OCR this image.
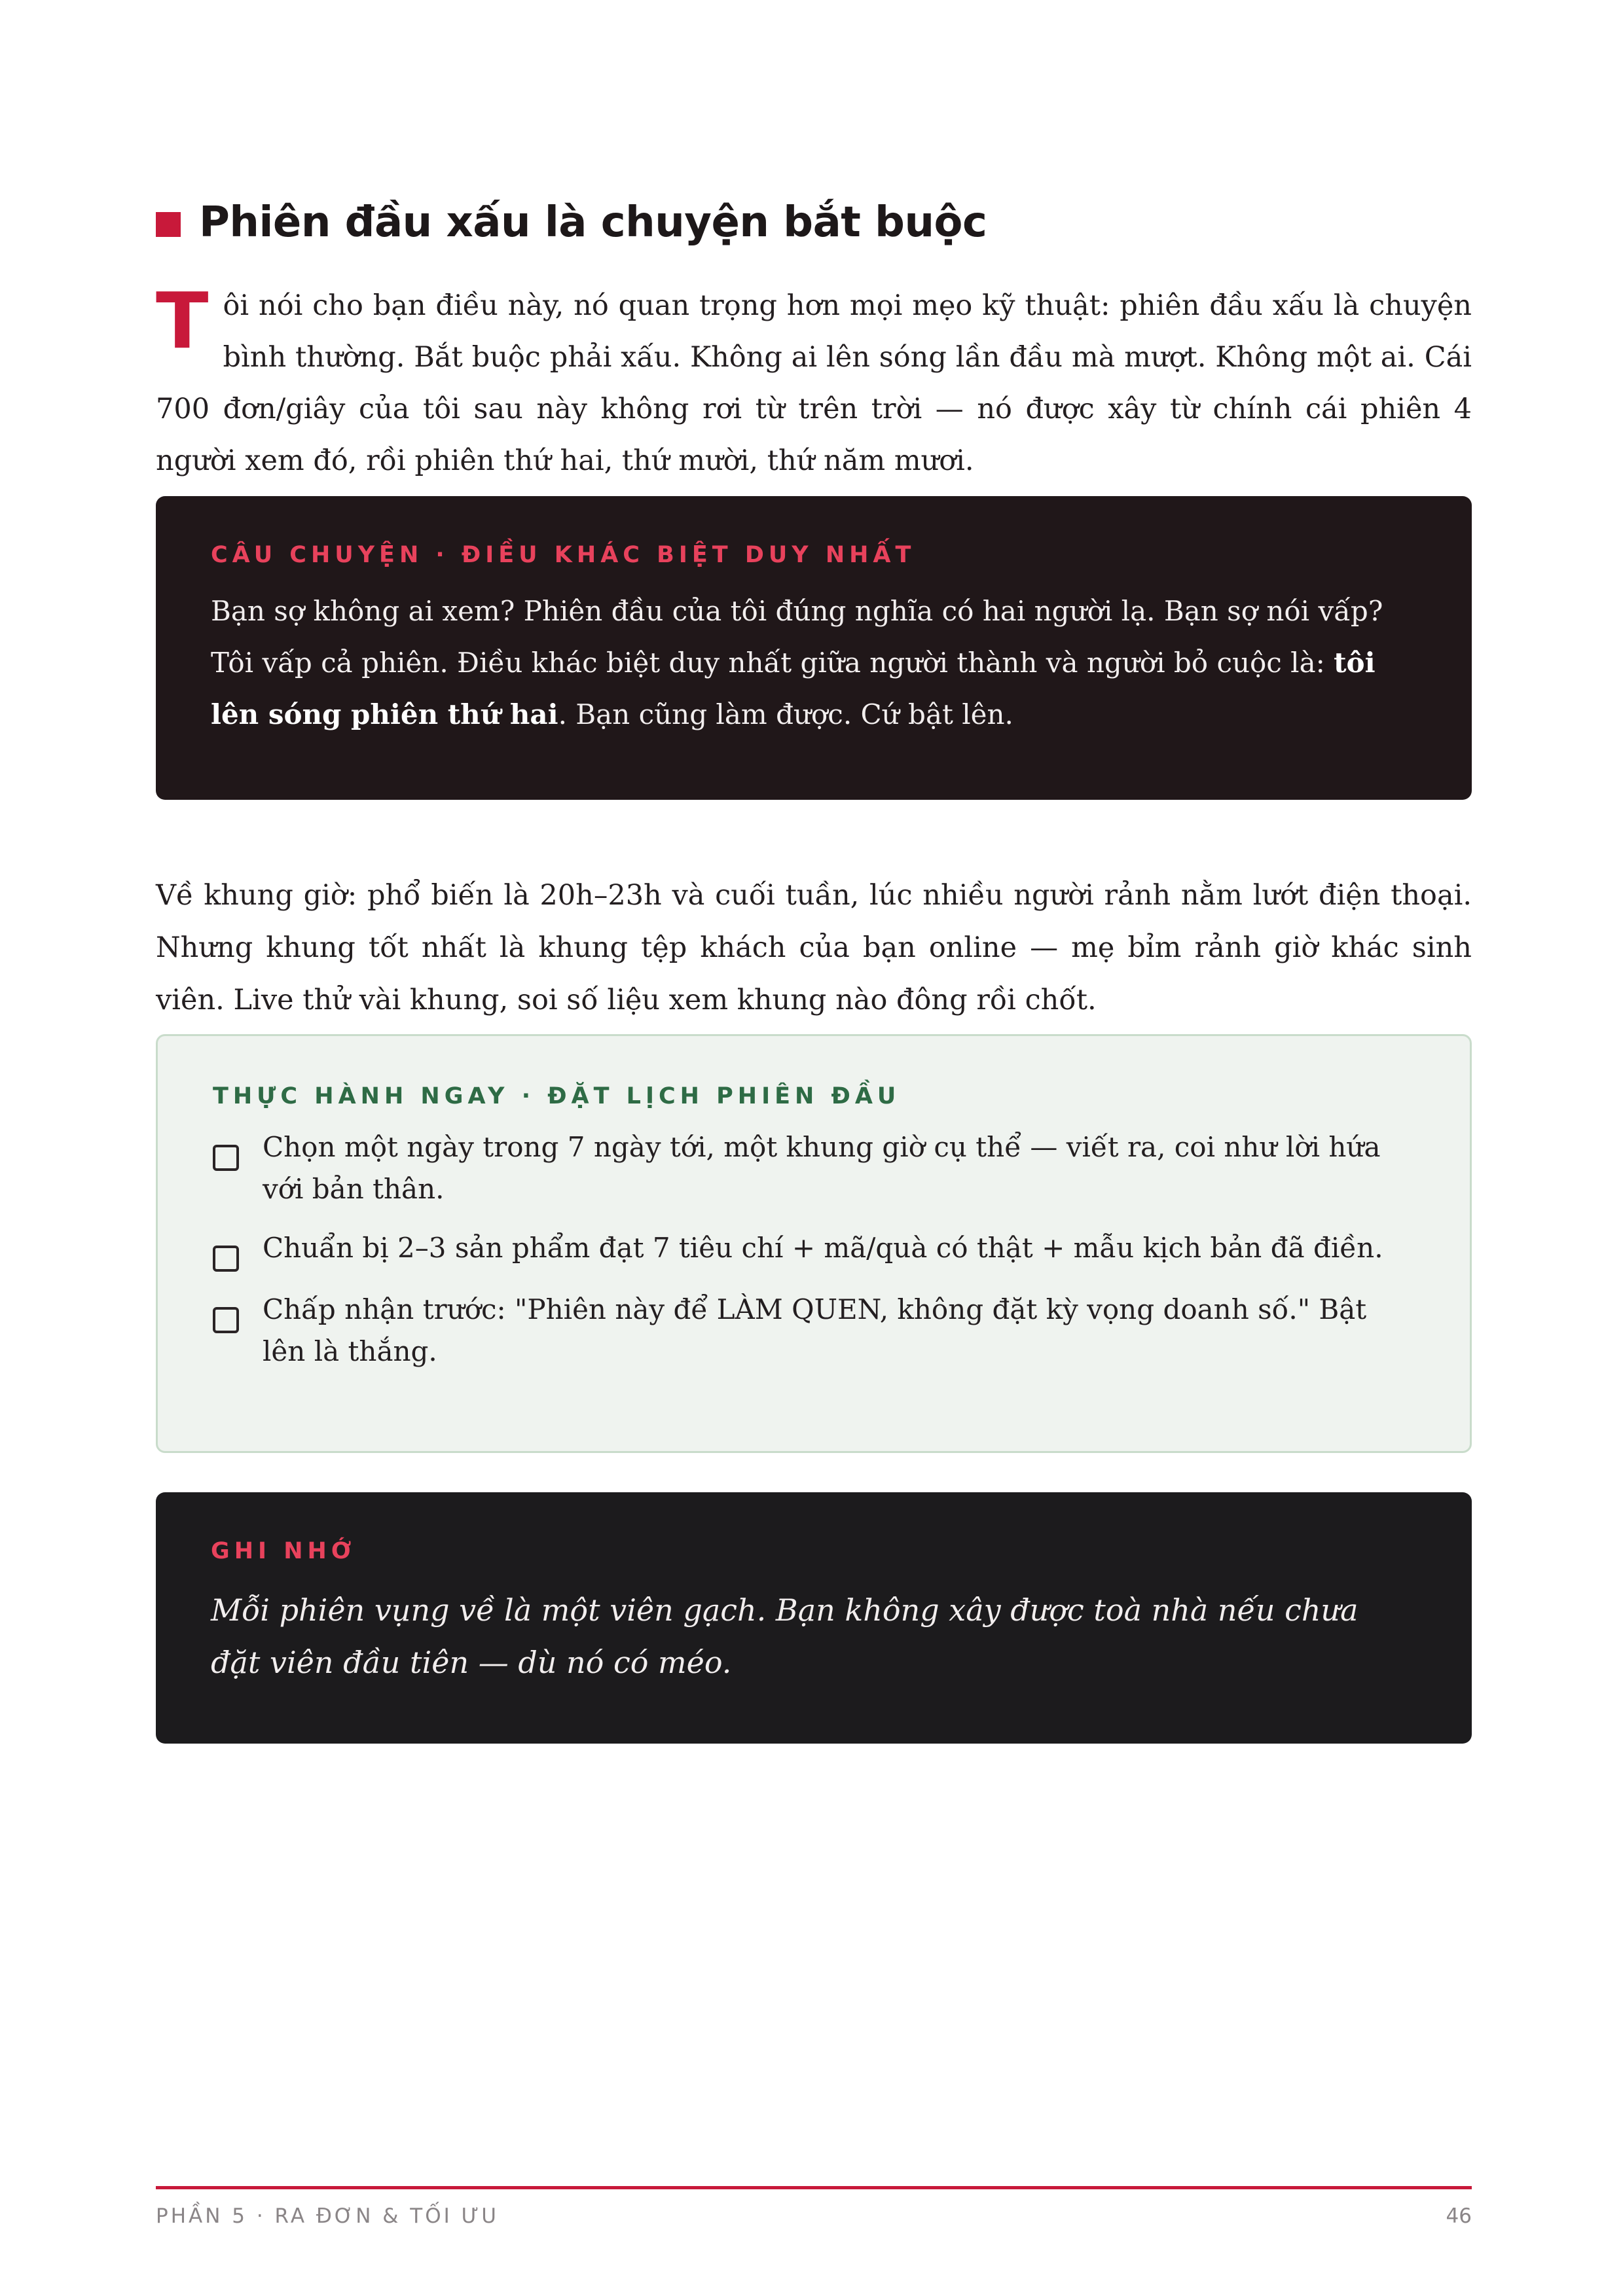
Phiên đầu xấu là chuyện bắt buộc

Tôi nói cho bạn điều này, nó quan trọng hơn mọi mẹo kỹ thuật: phiên đầu xấu là chuyện bình thường. Bắt buộc phải xấu. Không ai lên sóng lần đầu mà mượt. Không một ai. Cái 700 đơn/giây của tôi sau này không rơi từ trên trời — nó được xây từ chính cái phiên 4 người xem đó, rồi phiên thứ hai, thứ mười, thứ năm mươi.

CÂU CHUYỆN · ĐIỀU KHÁC BIỆT DUY NHẤT
Bạn sợ không ai xem? Phiên đầu của tôi đúng nghĩa có hai người lạ. Bạn sợ nói vấp? Tôi vấp cả phiên. Điều khác biệt duy nhất giữa người thành và người bỏ cuộc là: tôi lên sóng phiên thứ hai. Bạn cũng làm được. Cứ bật lên.

Về khung giờ: phổ biến là 20h–23h và cuối tuần, lúc nhiều người rảnh nằm lướt điện thoại. Nhưng khung tốt nhất là khung tệp khách của bạn online — mẹ bỉm rảnh giờ khác sinh viên. Live thử vài khung, soi số liệu xem khung nào đông rồi chốt.

THỰC HÀNH NGAY · ĐẶT LỊCH PHIÊN ĐẦU
Chọn một ngày trong 7 ngày tới, một khung giờ cụ thể — viết ra, coi như lời hứa với bản thân.
Chuẩn bị 2–3 sản phẩm đạt 7 tiêu chí + mã/quà có thật + mẫu kịch bản đã điền.
Chấp nhận trước: "Phiên này để LÀM QUEN, không đặt kỳ vọng doanh số." Bật lên là thắng.
GHI NHỚ
Mỗi phiên vụng về là một viên gạch. Bạn không xây được toà nhà nếu chưa đặt viên đầu tiên — dù nó có méo.
PHẦN 5 · RA ĐƠN & TỐI ƯU	46
